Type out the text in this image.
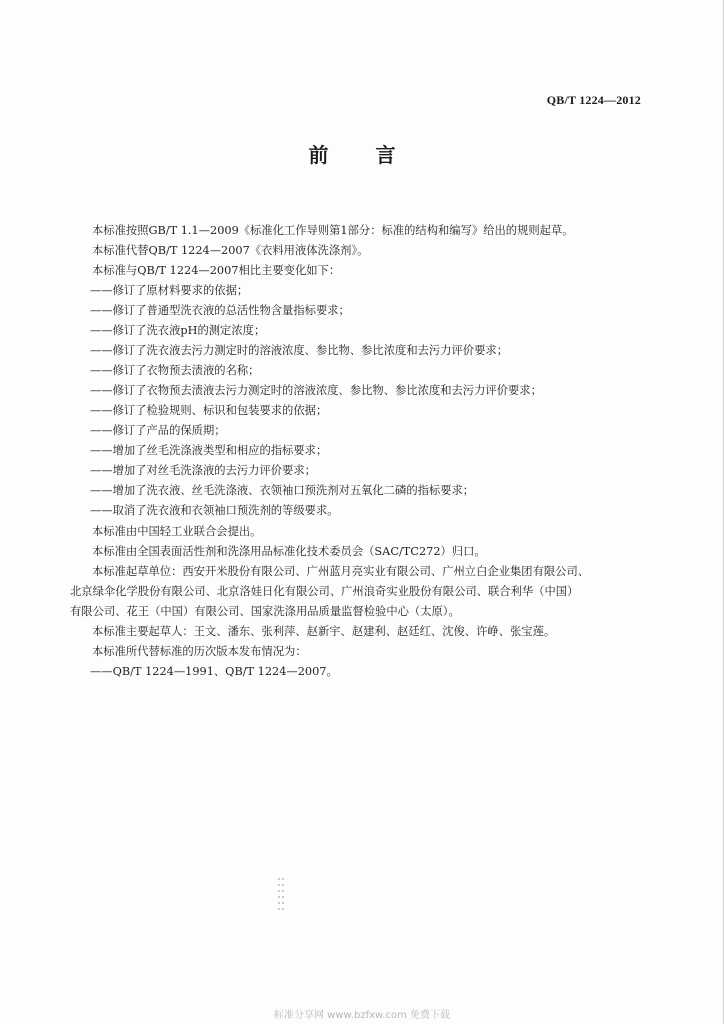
QB/T 1224—2012
前 言
本标准按照GB/T 1.1—2009《标准化工作导则第1部分：标准的结构和编写》给出的规则起草。
本标准代替QB/T 1224—2007《衣料用液体洗涤剂》。
本标准与QB/T 1224—2007相比主要变化如下：
——修订了原材料要求的依据；
——修订了普通型洗衣液的总活性物含量指标要求；
——修订了洗衣液pH的测定浓度；
——修订了洗衣液去污力测定时的溶液浓度、参比物、参比浓度和去污力评价要求；
——修订了衣物预去渍液的名称；
——修订了衣物预去渍液去污力测定时的溶液浓度、参比物、参比浓度和去污力评价要求；
——修订了检验规则、标识和包装要求的依据；
——修订了产品的保质期；
——增加了丝毛洗涤液类型和相应的指标要求；
——增加了对丝毛洗涤液的去污力评价要求；
——增加了洗衣液、丝毛洗涤液、衣领袖口预洗剂对五氧化二磷的指标要求；
——取消了洗衣液和衣领袖口预洗剂的等级要求。
本标准由中国轻工业联合会提出。
本标准由全国表面活性剂和洗涤用品标准化技术委员会（SAC/TC272）归口。
本标准起草单位：西安开米股份有限公司、广州蓝月亮实业有限公司、广州立白企业集团有限公司、
北京绿伞化学股份有限公司、北京洛娃日化有限公司、广州浪奇实业股份有限公司、联合利华（中国）
有限公司、花王（中国）有限公司、国家洗涤用品质量监督检验中心（太原）。
本标准主要起草人：王文、潘东、张利萍、赵新宇、赵建利、赵廷红、沈俊、许峥、张宝莲。
本标准所代替标准的历次版本发布情况为：
——QB/T 1224—1991、QB/T 1224—2007。
标准分享网 www.bzfxw.com 免费下载
